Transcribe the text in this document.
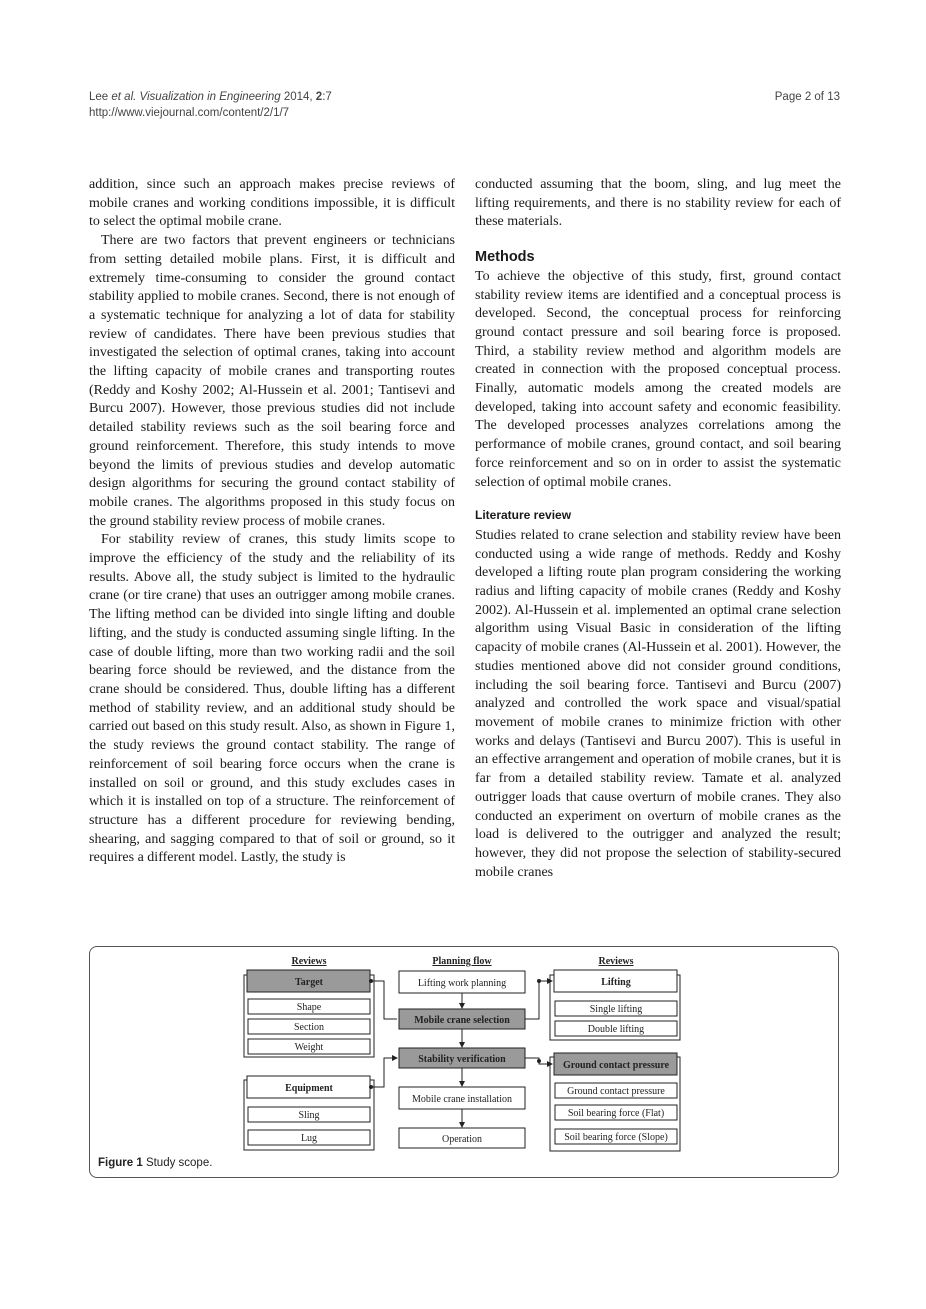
Lee et al. Visualization in Engineering 2014, 2:7
http://www.viejournal.com/content/2/1/7
Page 2 of 13

addition, since such an approach makes precise reviews of mobile cranes and working conditions impossible, it is difficult to select the optimal mobile crane.

There are two factors that prevent engineers or technicians from setting detailed mobile plans. First, it is difficult and extremely time-consuming to consider the ground contact stability applied to mobile cranes. Second, there is not enough of a systematic technique for analyzing a lot of data for stability review of candidates. There have been previous studies that investigated the selection of optimal cranes, taking into account the lifting capacity of mobile cranes and transporting routes (Reddy and Koshy 2002; Al-Hussein et al. 2001; Tantisevi and Burcu 2007). However, those previous studies did not include detailed stability reviews such as the soil bearing force and ground reinforcement. Therefore, this study intends to move beyond the limits of previous studies and develop automatic design algorithms for securing the ground contact stability of mobile cranes. The algorithms proposed in this study focus on the ground stability review process of mobile cranes.

For stability review of cranes, this study limits scope to improve the efficiency of the study and the reliability of its results. Above all, the study subject is limited to the hydraulic crane (or tire crane) that uses an outrigger among mobile cranes. The lifting method can be divided into single lifting and double lifting, and the study is conducted assuming single lifting. In the case of double lifting, more than two working radii and the soil bearing force should be reviewed, and the distance from the crane should be considered. Thus, double lifting has a different method of stability review, and an additional study should be carried out based on this study result. Also, as shown in Figure 1, the study reviews the ground contact stability. The range of reinforcement of soil bearing force occurs when the crane is installed on soil or ground, and this study excludes cases in which it is installed on top of a structure. The reinforcement of structure has a different procedure for reviewing bending, shearing, and sagging compared to that of soil or ground, so it requires a different model. Lastly, the study is

conducted assuming that the boom, sling, and lug meet the lifting requirements, and there is no stability review for each of these materials.

Methods

To achieve the objective of this study, first, ground contact stability review items are identified and a conceptual process is developed. Second, the conceptual process for reinforcing ground contact pressure and soil bearing force is proposed. Third, a stability review method and algorithm models are created in connection with the proposed conceptual process. Finally, automatic models among the created models are developed, taking into account safety and economic feasibility. The developed processes analyzes correlations among the performance of mobile cranes, ground contact, and soil bearing force reinforcement and so on in order to assist the systematic selection of optimal mobile cranes.

Literature review

Studies related to crane selection and stability review have been conducted using a wide range of methods. Reddy and Koshy developed a lifting route plan program considering the working radius and lifting capacity of mobile cranes (Reddy and Koshy 2002). Al-Hussein et al. implemented an optimal crane selection algorithm using Visual Basic in consideration of the lifting capacity of mobile cranes (Al-Hussein et al. 2001). However, the studies mentioned above did not consider ground conditions, including the soil bearing force. Tantisevi and Burcu (2007) analyzed and controlled the work space and visual/spatial movement of mobile cranes to minimize friction with other works and delays (Tantisevi and Burcu 2007). This is useful in an effective arrangement and operation of mobile cranes, but it is far from a detailed stability review. Tamate et al. analyzed outrigger loads that cause overturn of mobile cranes. They also conducted an experiment on overturn of mobile cranes as the load is delivered to the outrigger and analyzed the result; however, they did not propose the selection of stability-secured mobile cranes

Reviews	Planning flow	Reviews
Target
Shape
Section
Weight
Equipment
Sling
Lug
Lifting work planning
Mobile crane selection
Stability verification
Mobile crane installation
Operation
Lifting
Single lifting
Double lifting
Ground contact pressure
Ground contact pressure
Soil bearing force (Flat)
Soil bearing force (Slope)
Figure 1 Study scope.
